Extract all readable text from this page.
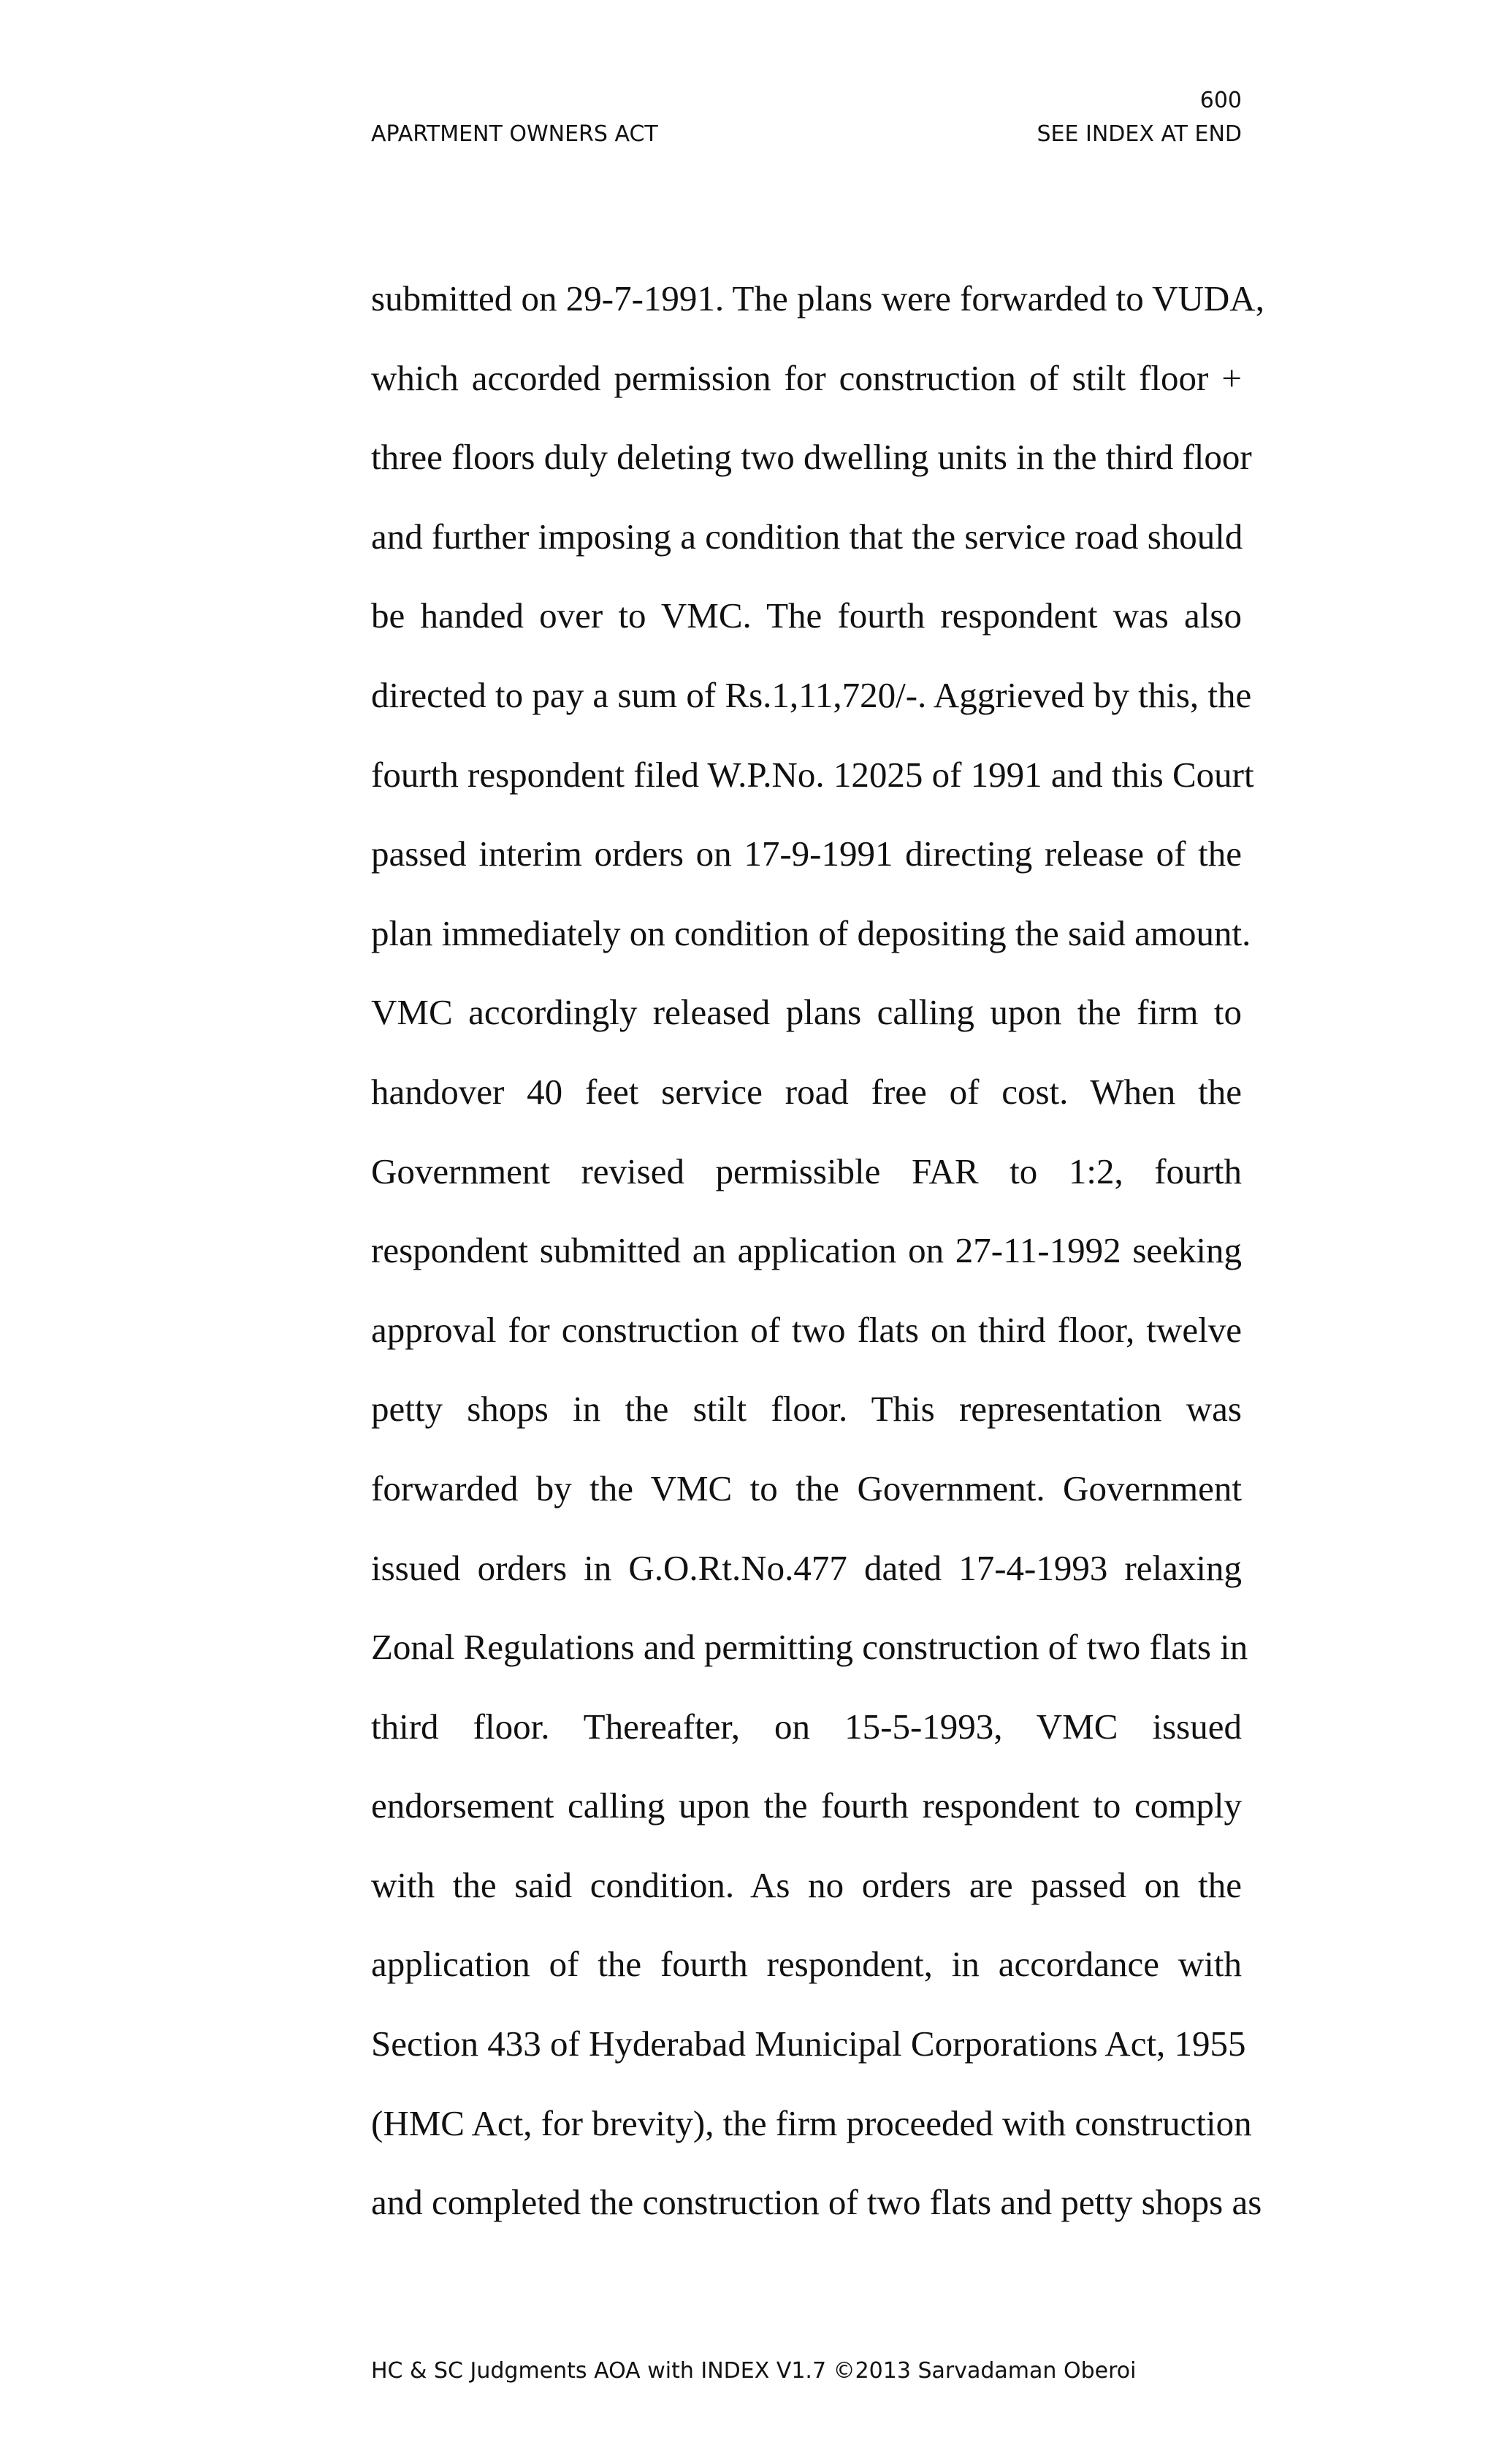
600
APARTMENT OWNERS ACT	SEE INDEX AT END
submitted on 29-7-1991. The plans were forwarded to VUDA,
which accorded permission for construction of stilt floor +
three floors duly deleting two dwelling units in the third floor
and further imposing a condition that the service road should
be handed over to VMC. The fourth respondent was also
directed to pay a sum of Rs.1,11,720/-. Aggrieved by this, the
fourth respondent filed W.P.No. 12025 of 1991 and this Court
passed interim orders on 17-9-1991 directing release of the
plan immediately on condition of depositing the said amount.
VMC accordingly released plans calling upon the firm to
handover 40 feet service road free of cost. When the
Government revised permissible FAR to 1:2, fourth
respondent submitted an application on 27-11-1992 seeking
approval for construction of two flats on third floor, twelve
petty shops in the stilt floor. This representation was
forwarded by the VMC to the Government. Government
issued orders in G.O.Rt.No.477 dated 17-4-1993 relaxing
Zonal Regulations and permitting construction of two flats in
third floor. Thereafter, on 15-5-1993, VMC issued
endorsement calling upon the fourth respondent to comply
with the said condition. As no orders are passed on the
application of the fourth respondent, in accordance with
Section 433 of Hyderabad Municipal Corporations Act, 1955
(HMC Act, for brevity), the firm proceeded with construction
and completed the construction of two flats and petty shops as
HC & SC Judgments AOA with INDEX V1.7 ©2013 Sarvadaman Oberoi
